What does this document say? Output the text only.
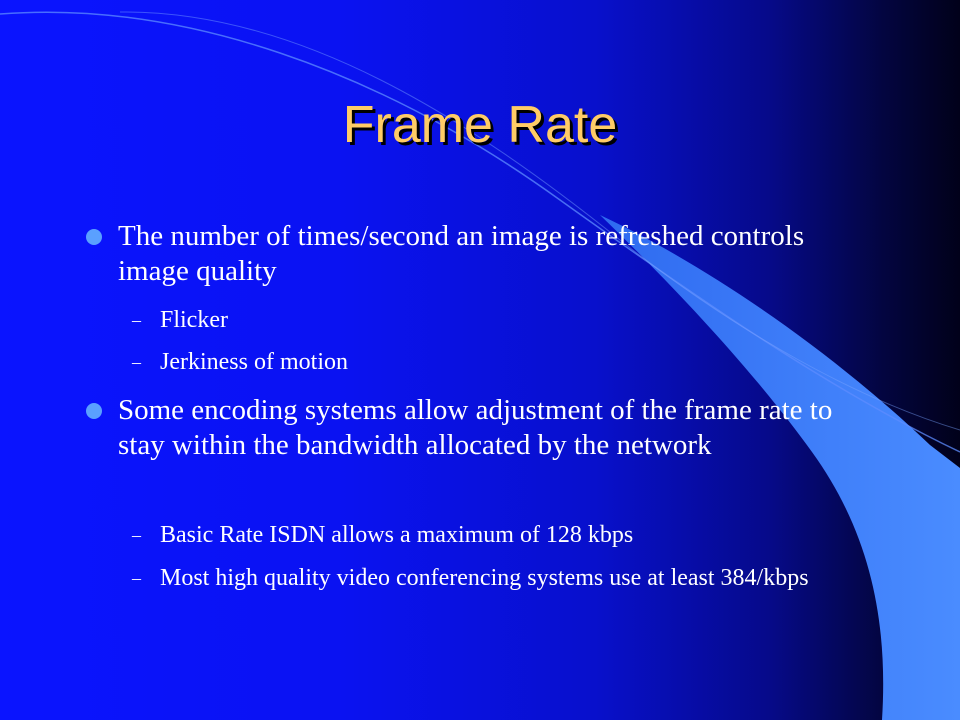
Frame Rate

The number of times/second an image is refreshed controls image quality

– Flicker

– Jerkiness of motion

Some encoding systems allow adjustment of the frame rate to stay within the bandwidth allocated by the network

– Basic Rate ISDN allows a maximum of 128 kbps

– Most high quality video conferencing systems use at least 384/kbps
